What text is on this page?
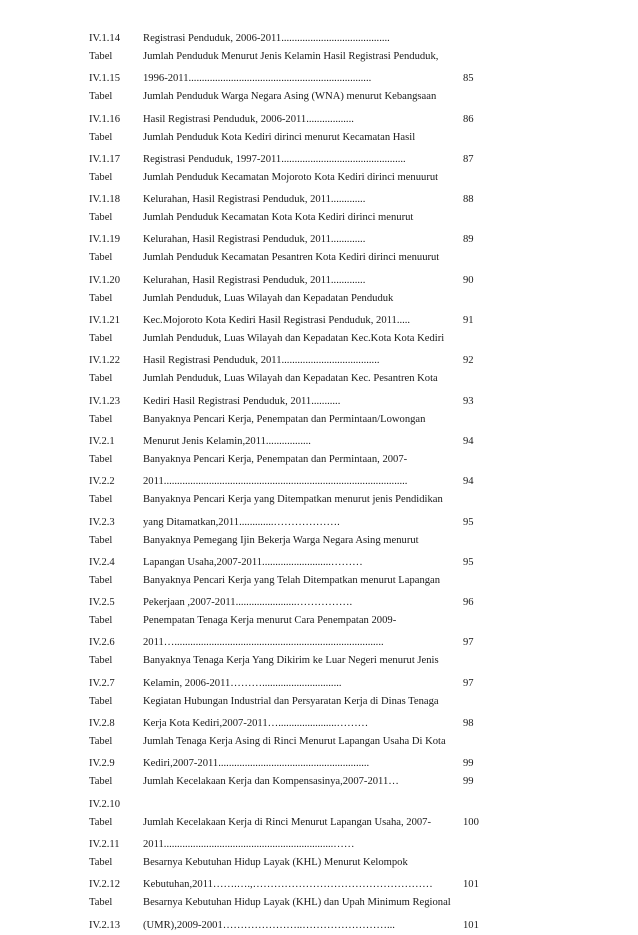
IV.1.14	Registrasi Penduduk, 2006-2011.........................................
Tabel	Jumlah Penduduk Menurut Jenis Kelamin Hasil Registrasi Penduduk,
IV.1.15	1996-2011.....................................................................	85
Tabel	Jumlah Penduduk Warga Negara Asing (WNA) menurut Kebangsaan
IV.1.16	Hasil Registrasi Penduduk, 2006-2011..................	86
Tabel	Jumlah Penduduk Kota Kediri dirinci menurut Kecamatan Hasil
IV.1.17	Registrasi Penduduk, 1997-2011...............................................	87
Tabel	Jumlah Penduduk Kecamatan Mojoroto Kota Kediri dirinci menuurut
IV.1.18	Kelurahan, Hasil Registrasi Penduduk, 2011.............	88
Tabel	Jumlah Penduduk Kecamatan Kota Kota Kediri dirinci menurut
IV.1.19	Kelurahan, Hasil Registrasi Penduduk, 2011.............	89
Tabel	Jumlah Penduduk Kecamatan Pesantren Kota Kediri dirinci menuurut
IV.1.20	Kelurahan, Hasil Registrasi Penduduk, 2011.............	90
Tabel	Jumlah Penduduk, Luas Wilayah dan Kepadatan Penduduk
IV.1.21	Kec.Mojoroto Kota Kediri Hasil Registrasi Penduduk, 2011.....	91
Tabel	Jumlah Penduduk, Luas Wilayah dan Kepadatan Kec.Kota Kota Kediri
IV.1.22	Hasil Registrasi Penduduk, 2011.....................................	92
Tabel	Jumlah Penduduk, Luas Wilayah dan Kepadatan Kec. Pesantren Kota
IV.1.23	Kediri Hasil Registrasi Penduduk, 2011...........	93
Tabel	Banyaknya Pencari Kerja, Penempatan dan Permintaan/Lowongan
IV.2.1	Menurut Jenis Kelamin,2011.................	94
Tabel	Banyaknya Pencari Kerja, Penempatan dan Permintaan, 2007-
IV.2.2	2011............................................................................................	94
Tabel	Banyaknya Pencari Kerja yang Ditempatkan menurut jenis Pendidikan
IV.2.3	yang Ditamatkan,2011.............……………….	95
Tabel	Banyaknya Pemegang Ijin Bekerja Warga Negara Asing menurut
IV.2.4	Lapangan Usaha,2007-2011..........................………	95
Tabel	Banyaknya Pencari Kerja yang Telah Ditempatkan menurut Lapangan
IV.2.5	Pekerjaan ,2007-2011.......................…………….	96
Tabel	Penempatan Tenaga Kerja menurut Cara Penempatan 2009-
IV.2.6	2011…...............................................................................	97
Tabel	Banyaknya Tenaga Kerja Yang Dikirim ke Luar Negeri menurut Jenis
IV.2.7	Kelamin, 2006-2011………..............................	97
Tabel	Kegiatan Hubungan Industrial dan Persyaratan Kerja di Dinas Tenaga
IV.2.8	Kerja Kota Kediri,2007-2011…......................………	98
Tabel	Jumlah Tenaga Kerja Asing di Rinci Menurut Lapangan Usaha Di Kota
IV.2.9	Kediri,2007-2011.........................................................	99
Tabel	Jumlah Kecelakaan Kerja dan Kompensasinya,2007-2011…	99
IV.2.10
Tabel	Jumlah Kecelakaan Kerja di Rinci Menurut Lapangan Usaha, 2007-	100
IV.2.11	2011................................................................……
Tabel	Besarnya Kebutuhan Hidup Layak (KHL) Menurut Kelompok
IV.2.12	Kebutuhan,2011…….….,……………………………………………	101
Tabel	Besarnya Kebutuhan Hidup Layak (KHL) dan Upah Minimum Regional
IV.2.13	(UMR),2009-2001…………………..……………………...	101
